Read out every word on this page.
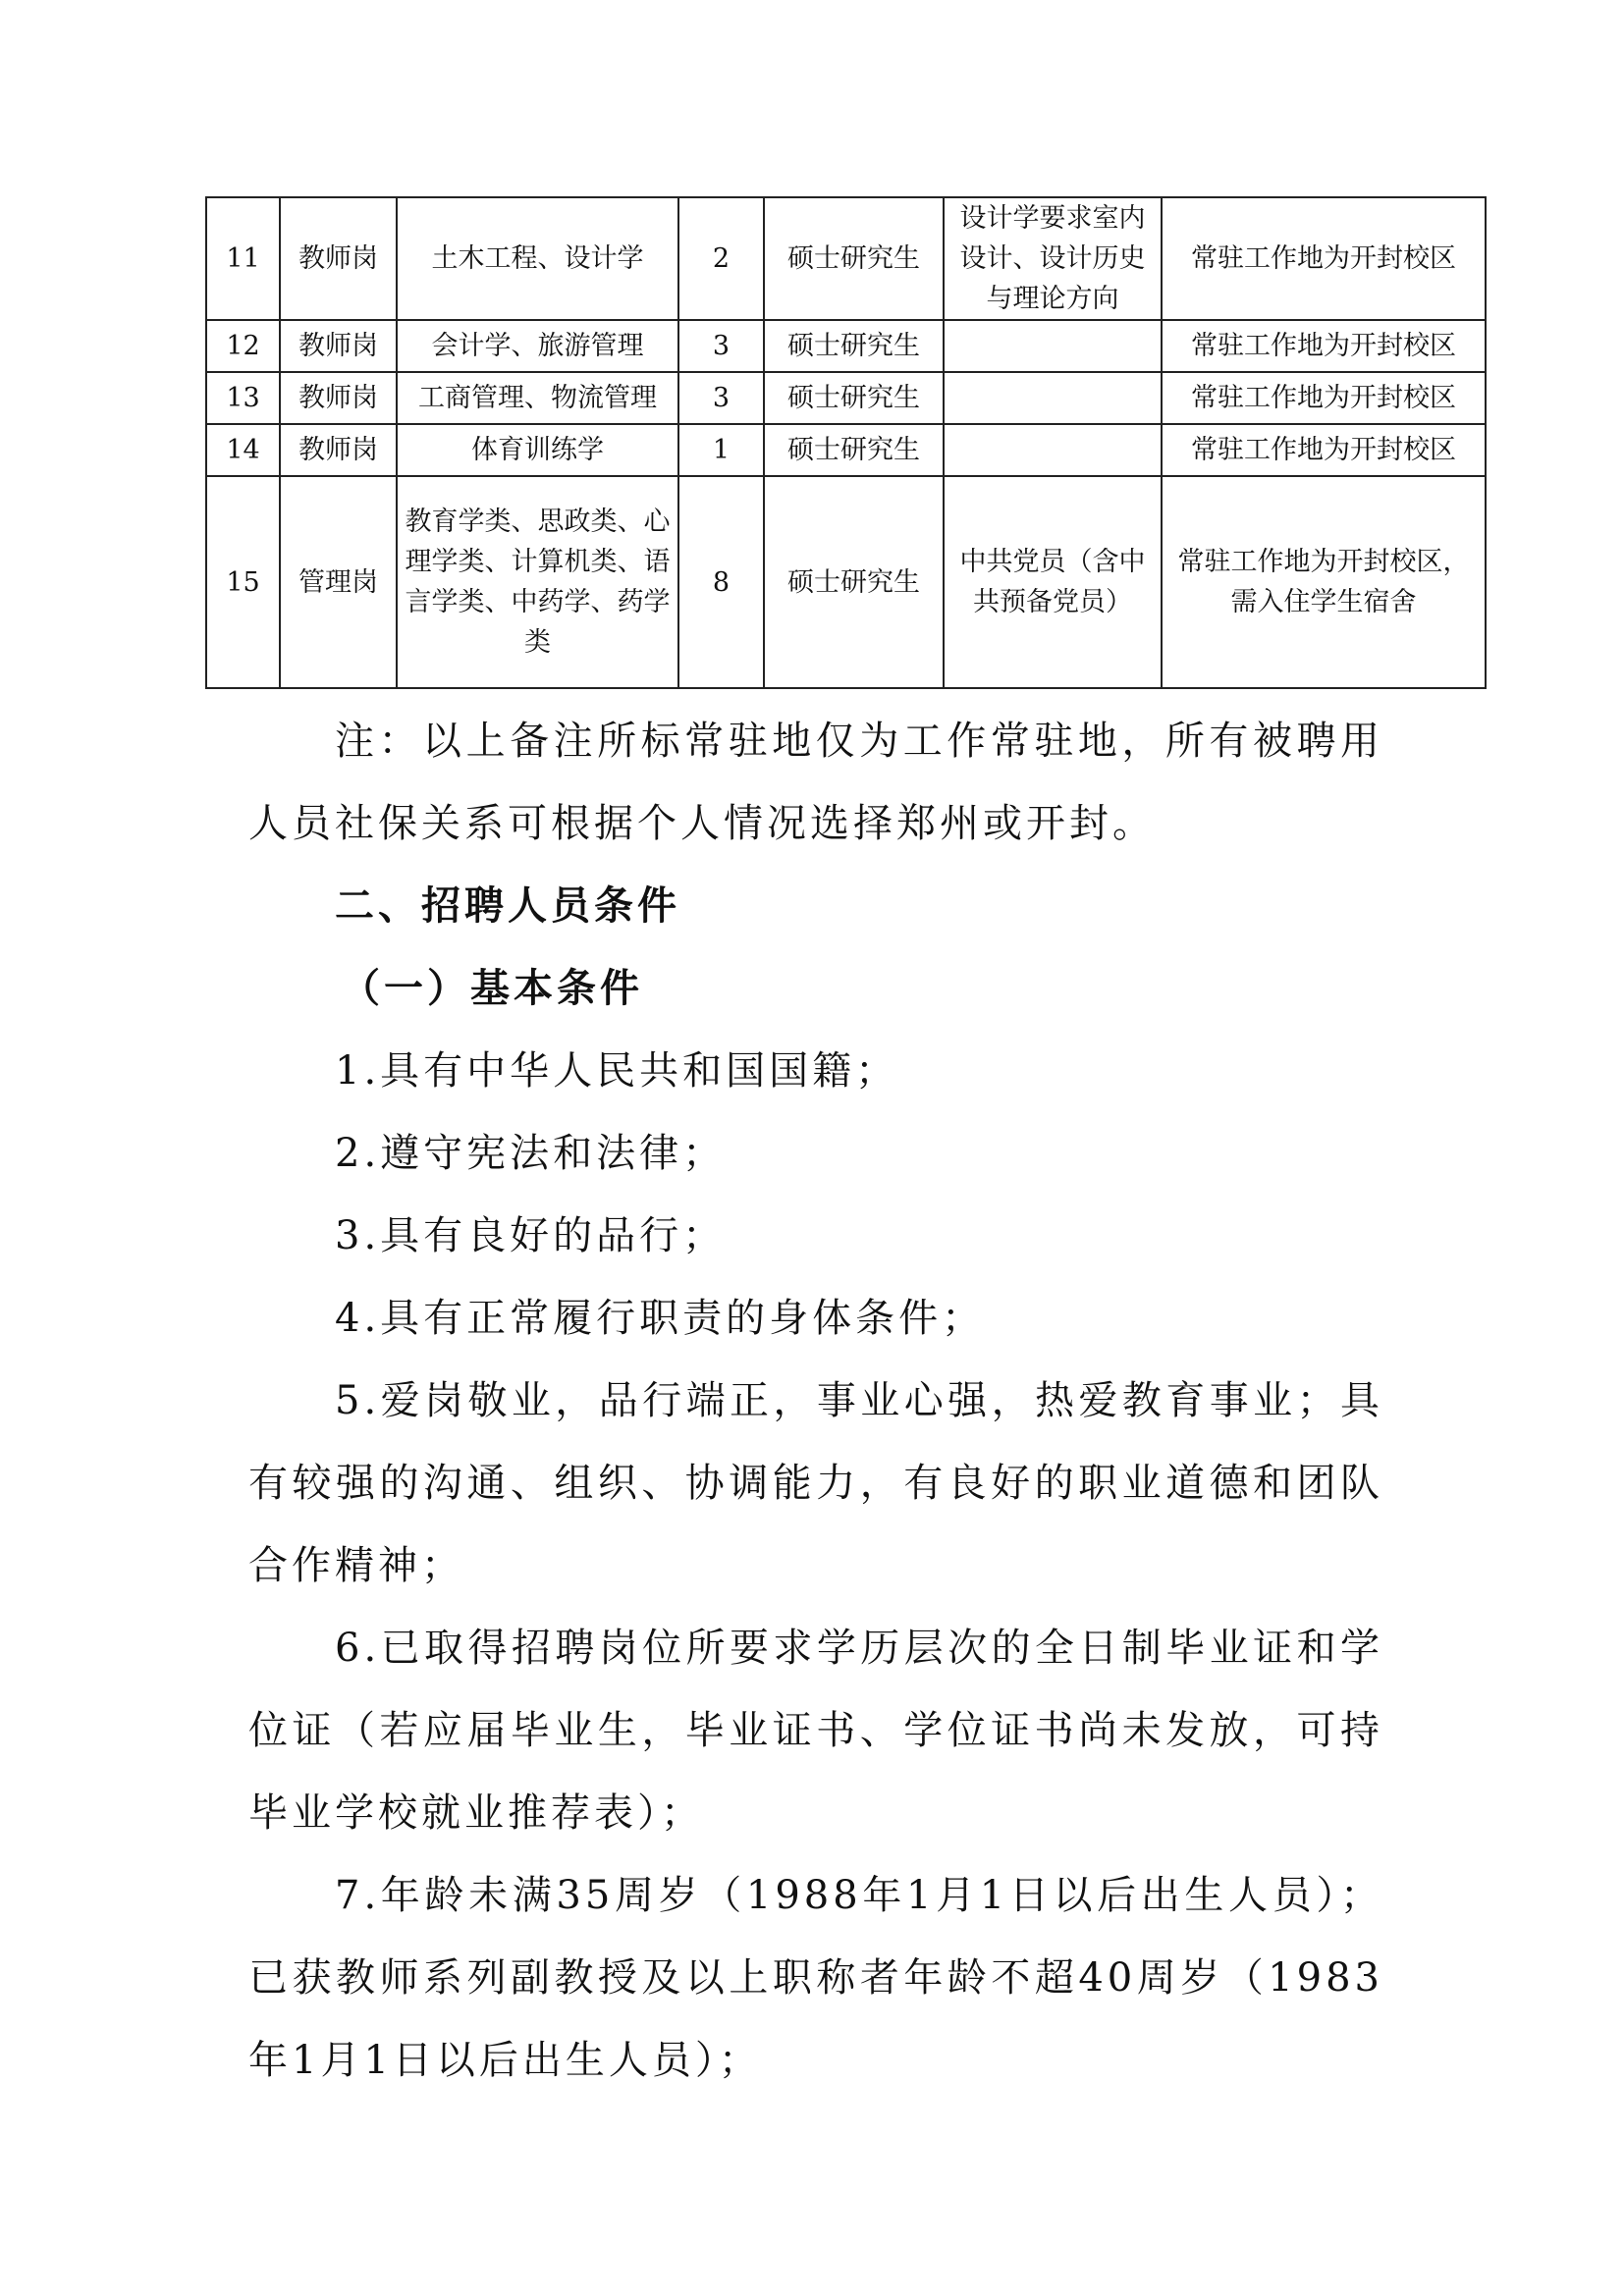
11	教师岗	土木工程、设计学	2	硕士研究生	设计学要求室内设计、设计历史与理论方向	常驻工作地为开封校区
12	教师岗	会计学、旅游管理	3	硕士研究生		常驻工作地为开封校区
13	教师岗	工商管理、物流管理	3	硕士研究生		常驻工作地为开封校区
14	教师岗	体育训练学	1	硕士研究生		常驻工作地为开封校区
15	管理岗	教育学类、思政类、心理学类、计算机类、语言学类、中药学、药学类	8	硕士研究生	中共党员（含中共预备党员）	常驻工作地为开封校区，需入住学生宿舍

注：以上备注所标常驻地仅为工作常驻地，所有被聘用人员社保关系可根据个人情况选择郑州或开封。

二、招聘人员条件

（一）基本条件

1.具有中华人民共和国国籍；

2.遵守宪法和法律；

3.具有良好的品行；

4.具有正常履行职责的身体条件；

5.爱岗敬业，品行端正，事业心强，热爱教育事业；具有较强的沟通、组织、协调能力，有良好的职业道德和团队合作精神；

6.已取得招聘岗位所要求学历层次的全日制毕业证和学位证（若应届毕业生，毕业证书、学位证书尚未发放，可持毕业学校就业推荐表）；

7.年龄未满35周岁（1988年1月1日以后出生人员）；已获教师系列副教授及以上职称者年龄不超40周岁（1983年1月1日以后出生人员）；
